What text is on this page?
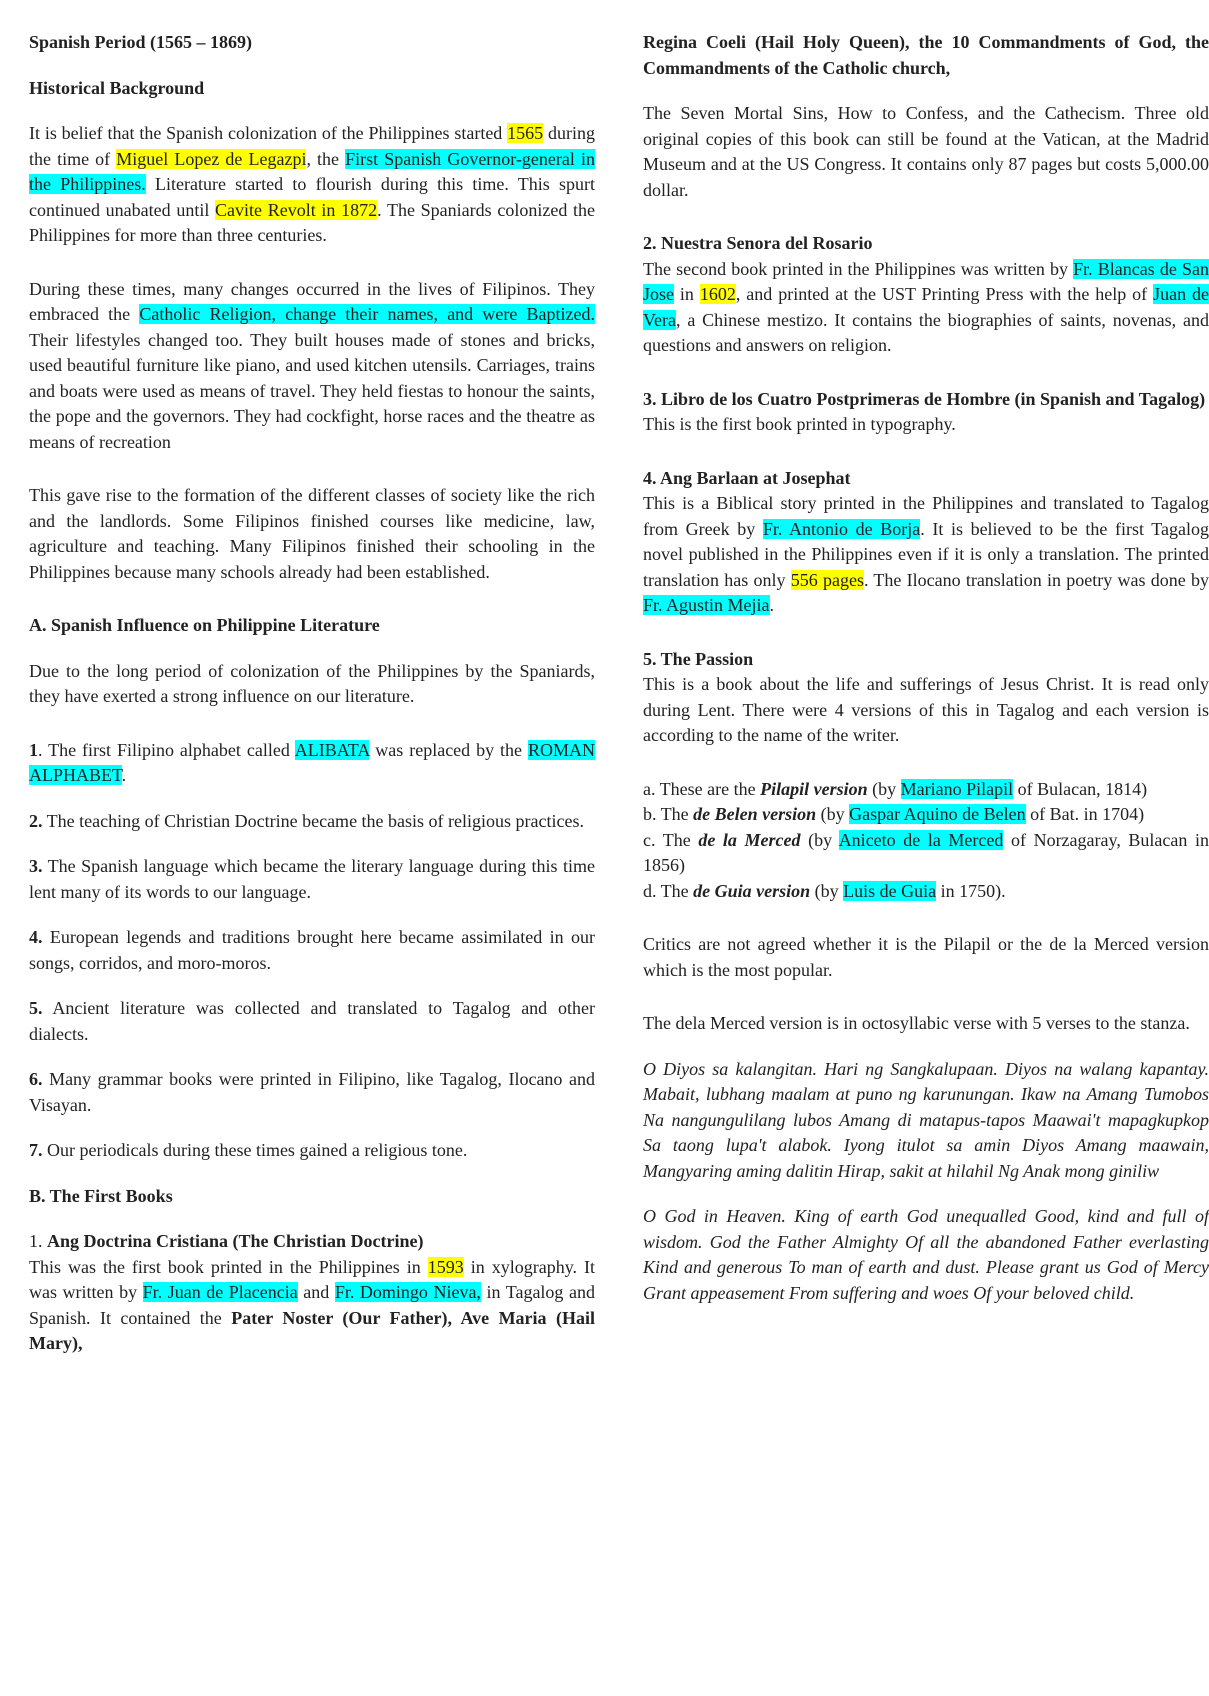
Spanish Period (1565 – 1869)

Historical Background

It is belief that the Spanish colonization of the Philippines started 1565 during the time of Miguel Lopez de Legazpi, the First Spanish Governor-general in the Philippines. Literature started to flourish during this time. This spurt continued unabated until Cavite Revolt in 1872. The Spaniards colonized the Philippines for more than three centuries.

During these times, many changes occurred in the lives of Filipinos. They embraced the Catholic Religion, change their names, and were Baptized. Their lifestyles changed too. They built houses made of stones and bricks, used beautiful furniture like piano, and used kitchen utensils. Carriages, trains and boats were used as means of travel. They held fiestas to honour the saints, the pope and the governors. They had cockfight, horse races and the theatre as means of recreation

This gave rise to the formation of the different classes of society like the rich and the landlords. Some Filipinos finished courses like medicine, law, agriculture and teaching. Many Filipinos finished their schooling in the Philippines because many schools already had been established.

A. Spanish Influence on Philippine Literature

Due to the long period of colonization of the Philippines by the Spaniards, they have exerted a strong influence on our literature.

1. The first Filipino alphabet called ALIBATA was replaced by the ROMAN ALPHABET.

2. The teaching of Christian Doctrine became the basis of religious practices.

3. The Spanish language which became the literary language during this time lent many of its words to our language.

4. European legends and traditions brought here became assimilated in our songs, corridos, and moro-moros.

5. Ancient literature was collected and translated to Tagalog and other dialects.

6. Many grammar books were printed in Filipino, like Tagalog, Ilocano and Visayan.

7. Our periodicals during these times gained a religious tone.

B. The First Books

1. Ang Doctrina Cristiana (The Christian Doctrine)
This was the first book printed in the Philippines in 1593 in xylography. It was written by Fr. Juan de Placencia and Fr. Domingo Nieva, in Tagalog and Spanish. It contained the Pater Noster (Our Father), Ave Maria (Hail Mary),

Regina Coeli (Hail Holy Queen), the 10 Commandments of God, the Commandments of the Catholic church,

The Seven Mortal Sins, How to Confess, and the Cathecism. Three old original copies of this book can still be found at the Vatican, at the Madrid Museum and at the US Congress. It contains only 87 pages but costs 5,000.00 dollar.

2. Nuestra Senora del Rosario
The second book printed in the Philippines was written by Fr. Blancas de San Jose in 1602, and printed at the UST Printing Press with the help of Juan de Vera, a Chinese mestizo. It contains the biographies of saints, novenas, and questions and answers on religion.

3. Libro de los Cuatro Postprimeras de Hombre (in Spanish and Tagalog)
This is the first book printed in typography.

4. Ang Barlaan at Josephat
This is a Biblical story printed in the Philippines and translated to Tagalog from Greek by Fr. Antonio de Borja. It is believed to be the first Tagalog novel published in the Philippines even if it is only a translation. The printed translation has only 556 pages. The Ilocano translation in poetry was done by Fr. Agustin Mejia.

5. The Passion
This is a book about the life and sufferings of Jesus Christ. It is read only during Lent. There were 4 versions of this in Tagalog and each version is according to the name of the writer.

a. These are the Pilapil version (by Mariano Pilapil of Bulacan, 1814)
b. The de Belen version (by Gaspar Aquino de Belen of Bat. in 1704)
c. The de la Merced (by Aniceto de la Merced of Norzagaray, Bulacan in 1856)
d. The de Guia version (by Luis de Guia in 1750).

Critics are not agreed whether it is the Pilapil or the de la Merced version which is the most popular.

The dela Merced version is in octosyllabic verse with 5 verses to the stanza.

O Diyos sa kalangitan. Hari ng Sangkalupaan. Diyos na walang kapantay. Mabait, lubhang maalam at puno ng karunungan. Ikaw na Amang Tumobos Na nangungulilang lubos Amang di matapus-tapos Maawai't mapagkupkop Sa taong lupa't alabok. Iyong itulot sa amin Diyos Amang maawain, Mangyaring aming dalitin Hirap, sakit at hilahil Ng Anak mong giniliw

O God in Heaven. King of earth God unequalled Good, kind and full of wisdom. God the Father Almighty Of all the abandoned Father everlasting Kind and generous To man of earth and dust. Please grant us God of Mercy Grant appeasement From suffering and woes Of your beloved child.
